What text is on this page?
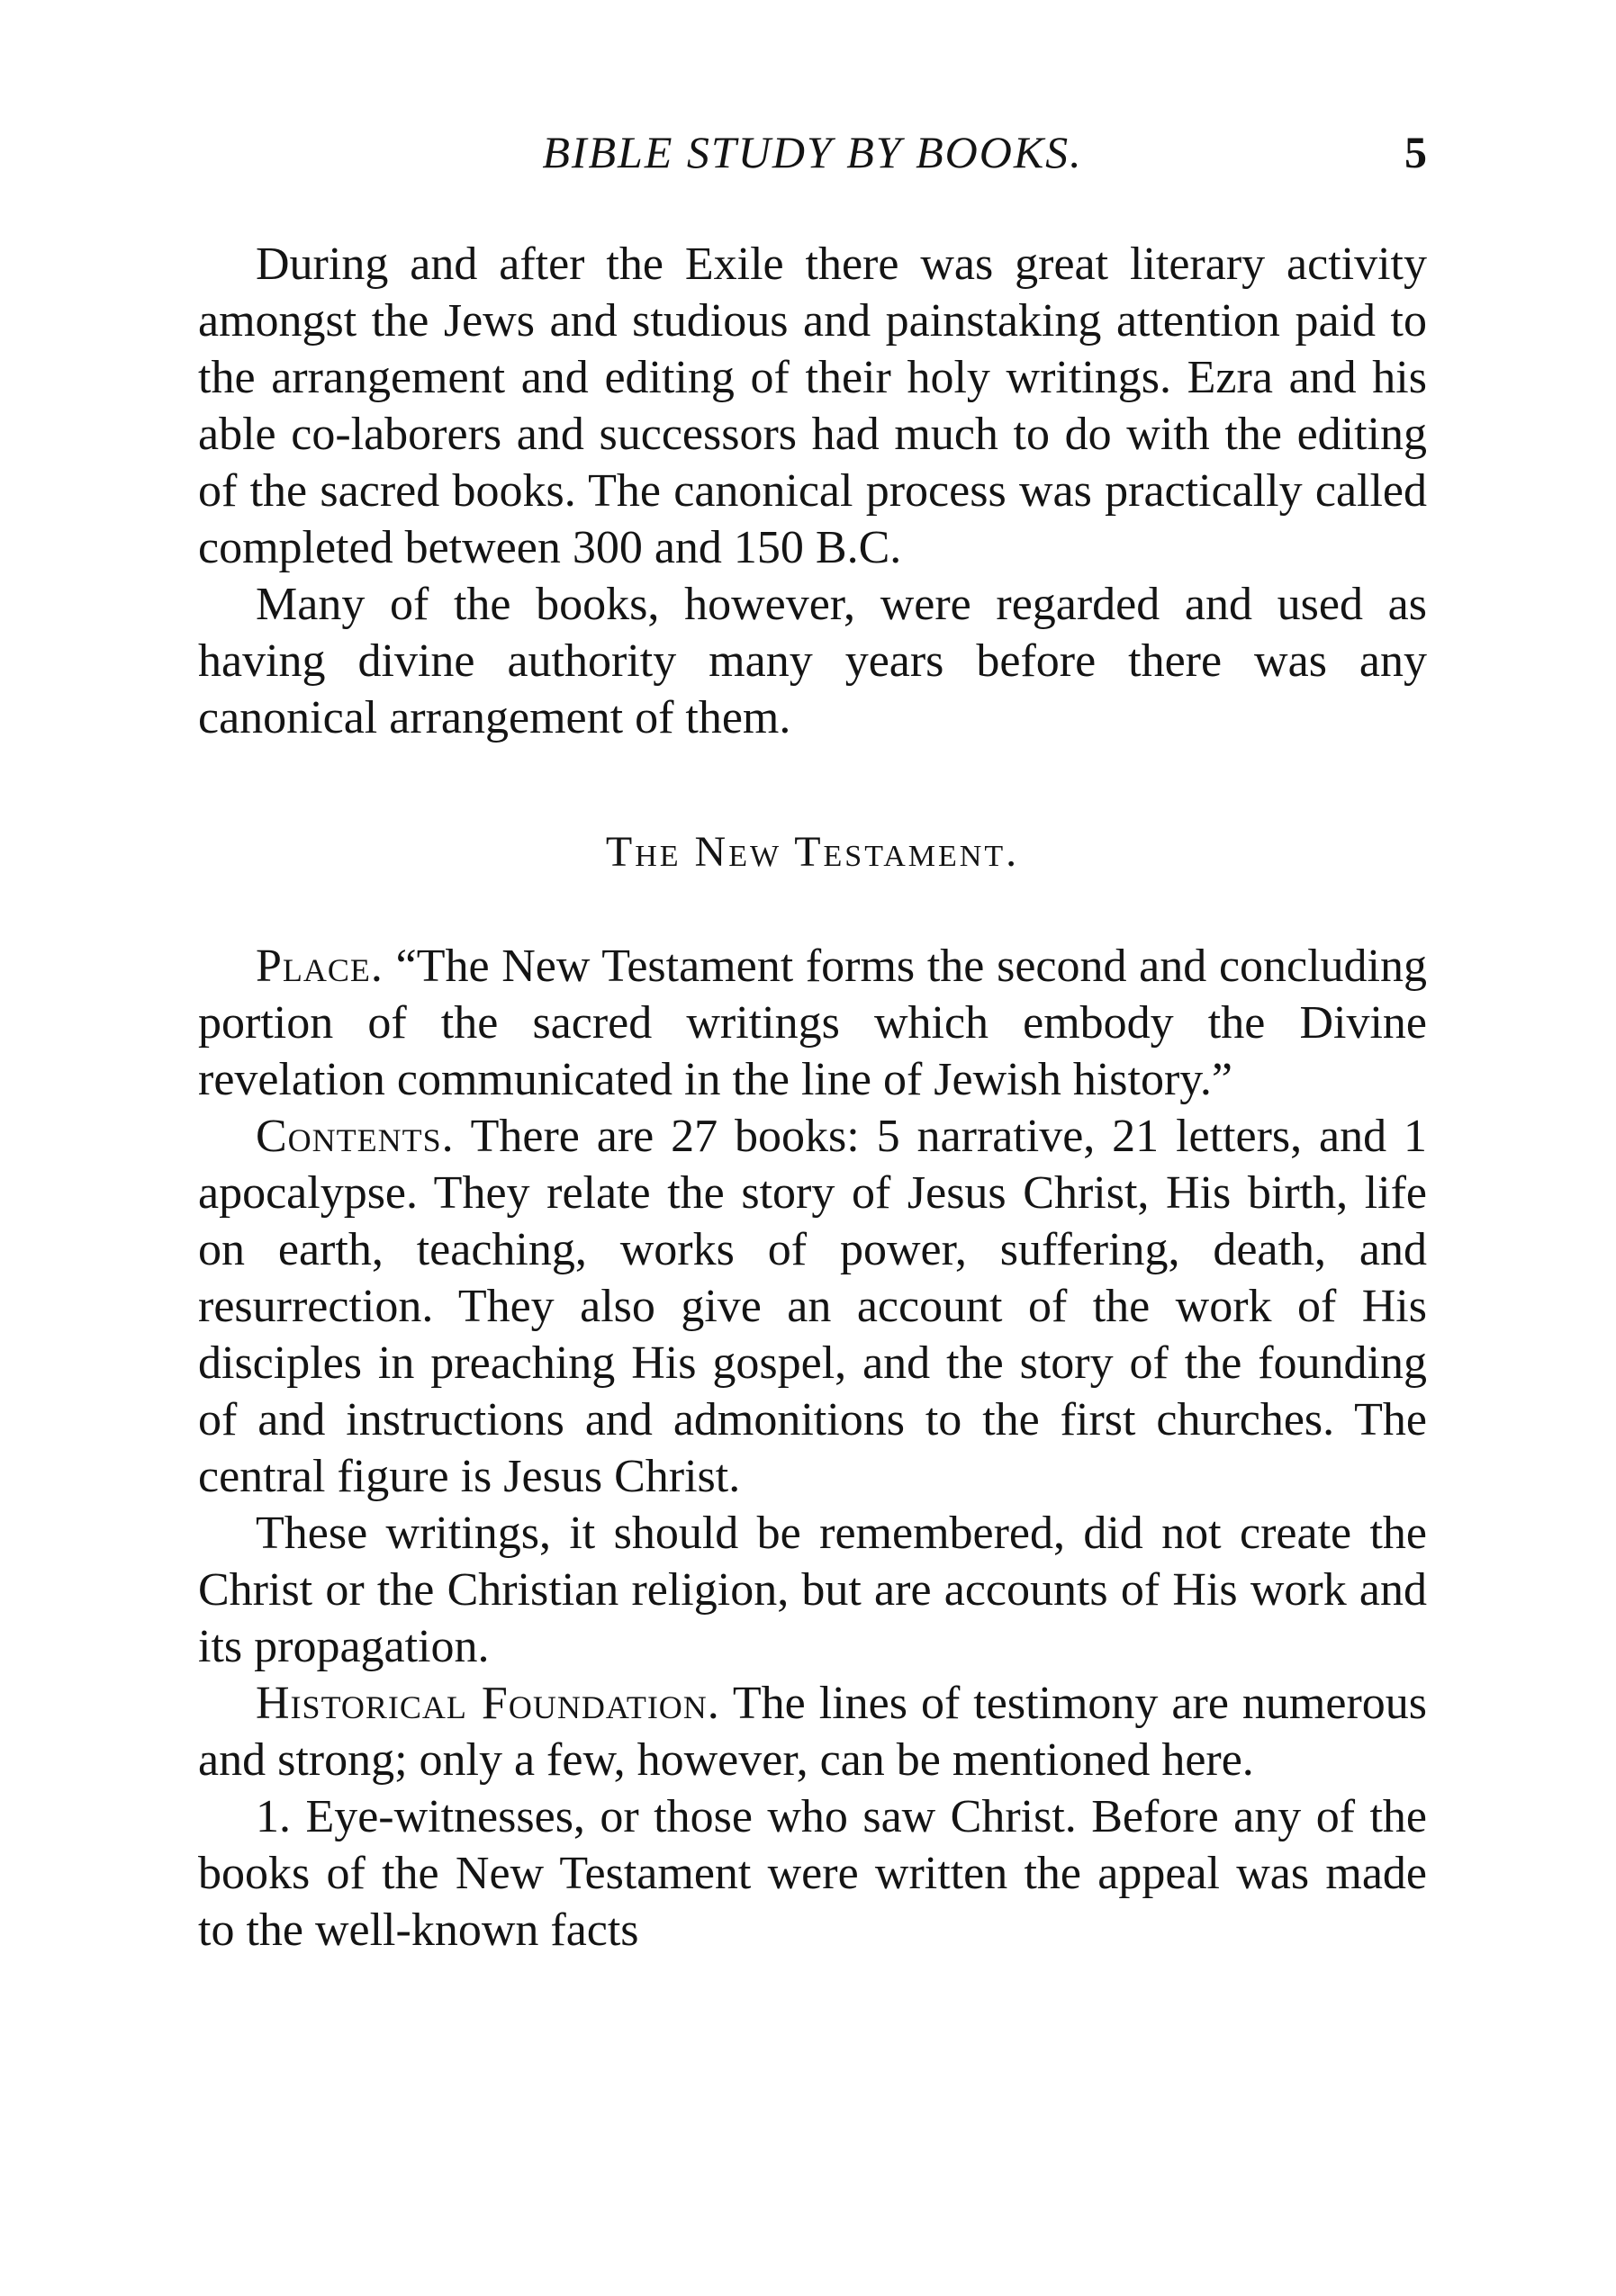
BIBLE STUDY BY BOOKS.	5

During and after the Exile there was great literary activity amongst the Jews and studious and painstaking attention paid to the arrangement and editing of their holy writings. Ezra and his able co-laborers and successors had much to do with the editing of the sacred books. The canonical process was practically called completed between 300 and 150 B.C.

Many of the books, however, were regarded and used as having divine authority many years before there was any canonical arrangement of them.

The New Testament.

Place. “The New Testament forms the second and concluding portion of the sacred writings which embody the Divine revelation communicated in the line of Jewish history.”

Contents. There are 27 books: 5 narrative, 21 letters, and 1 apocalypse. They relate the story of Jesus Christ, His birth, life on earth, teaching, works of power, suffering, death, and resurrection. They also give an account of the work of His disciples in preaching His gospel, and the story of the founding of and instructions and admonitions to the first churches. The central figure is Jesus Christ.

These writings, it should be remembered, did not create the Christ or the Christian religion, but are accounts of His work and its propagation.

Historical Foundation. The lines of testimony are numerous and strong; only a few, however, can be mentioned here.

1. Eye-witnesses, or those who saw Christ. Before any of the books of the New Testament were written the appeal was made to the well-known facts
